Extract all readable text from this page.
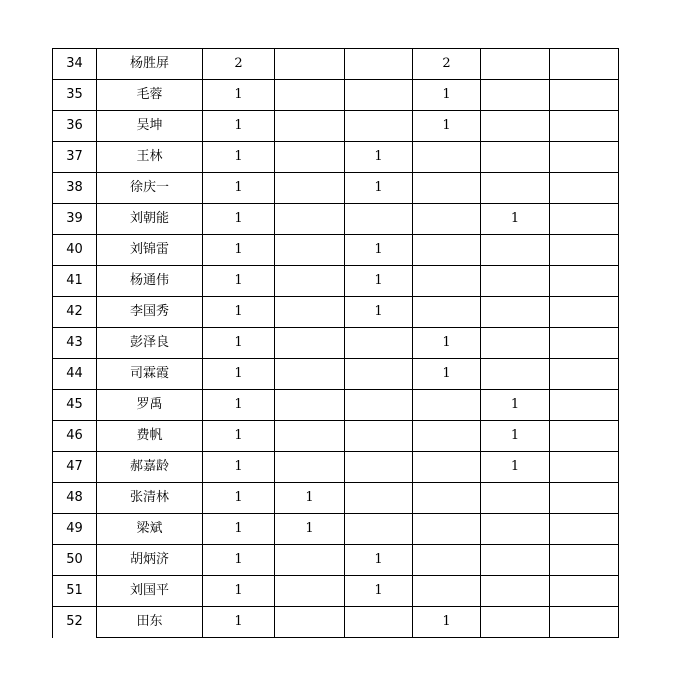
34	杨胜屏	2			2		
35	毛蓉	1			1		
36	吴坤	1			1		
37	王林	1		1			
38	徐庆一	1		1			
39	刘朝能	1				1	
40	刘锦雷	1		1			
41	杨通伟	1		1			
42	李国秀	1		1			
43	彭泽良	1			1		
44	司霖霞	1			1		
45	罗禹	1				1	
46	费帆	1				1	
47	郝嘉龄	1				1	
48	张清林	1	1				
49	梁斌	1	1				
50	胡炳济	1		1			
51	刘国平	1		1			
52	田东	1			1		
